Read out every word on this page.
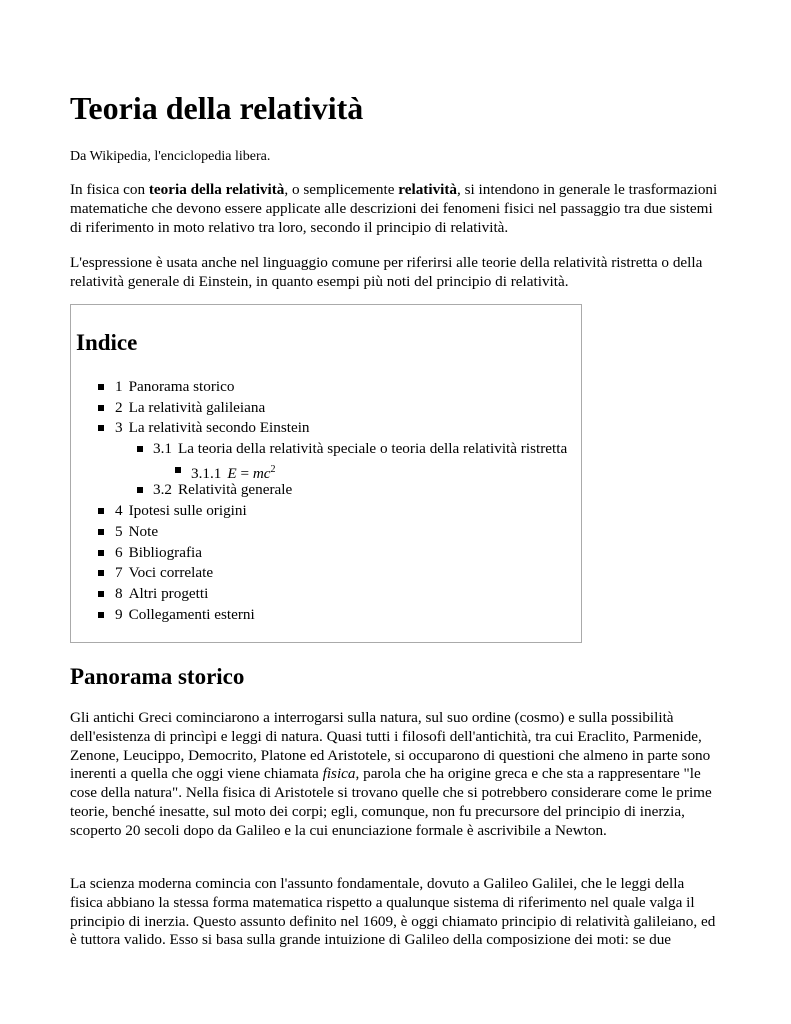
Teoria della relatività
Da Wikipedia, l'enciclopedia libera.

In fisica con teoria della relatività, o semplicemente relatività, si intendono in generale le trasformazioni matematiche che devono essere applicate alle descrizioni dei fenomeni fisici nel passaggio tra due sistemi di riferimento in moto relativo tra loro, secondo il principio di relatività.

L'espressione è usata anche nel linguaggio comune per riferirsi alle teorie della relatività ristretta o della relatività generale di Einstein, in quanto esempi più noti del principio di relatività.

Indice
1 Panorama storico
2 La relatività galileiana
3 La relatività secondo Einstein
3.1 La teoria della relatività speciale o teoria della relatività ristretta
3.1.1 $E = mc^2$
3.2 Relatività generale
4 Ipotesi sulle origini
5 Note
6 Bibliografia
7 Voci correlate
8 Altri progetti
9 Collegamenti esterni
Panorama storico

Gli antichi Greci cominciarono a interrogarsi sulla natura, sul suo ordine (cosmo) e sulla possibilità dell'esistenza di princìpi e leggi di natura. Quasi tutti i filosofi dell'antichità, tra cui Eraclito, Parmenide, Zenone, Leucippo, Democrito, Platone ed Aristotele, si occuparono di questioni che almeno in parte sono inerenti a quella che oggi viene chiamata fisica, parola che ha origine greca e che sta a rappresentare "le cose della natura". Nella fisica di Aristotele si trovano quelle che si potrebbero considerare come le prime teorie, benché inesatte, sul moto dei corpi; egli, comunque, non fu precursore del principio di inerzia, scoperto 20 secoli dopo da Galileo e la cui enunciazione formale è ascrivibile a Newton.

La scienza moderna comincia con l'assunto fondamentale, dovuto a Galileo Galilei, che le leggi della fisica abbiano la stessa forma matematica rispetto a qualunque sistema di riferimento nel quale valga il principio di inerzia. Questo assunto definito nel 1609, è oggi chiamato principio di relatività galileiano, ed è tuttora valido. Esso si basa sulla grande intuizione di Galileo della composizione dei moti: se due
